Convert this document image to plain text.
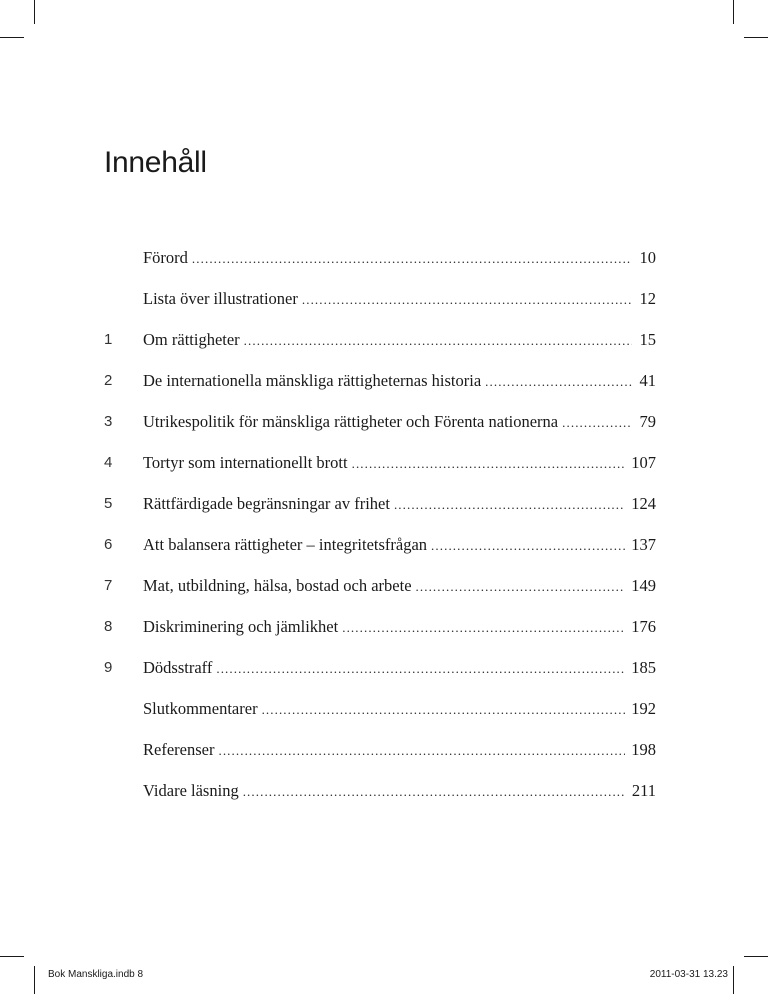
Innehåll
Förord .....	10
Lista över illustrationer .....	12
1	Om rättigheter .....	15
2	De internationella mänskliga rättigheternas historia .....	41
3	Utrikespolitik för mänskliga rättigheter och Förenta nationerna .....	79
4	Tortyr som internationellt brott .....	107
5	Rättfärdigade begränsningar av frihet .....	124
6	Att balansera rättigheter – integritetsfrågan .....	137
7	Mat, utbildning, hälsa, bostad och arbete .....	149
8	Diskriminering och jämlikhet .....	176
9	Dödsstraff .....	185
Slutkommentarer .....	192
Referenser .....	198
Vidare läsning .....	211
Bok Manskliga.indb 8	2011-03-31 13.23
